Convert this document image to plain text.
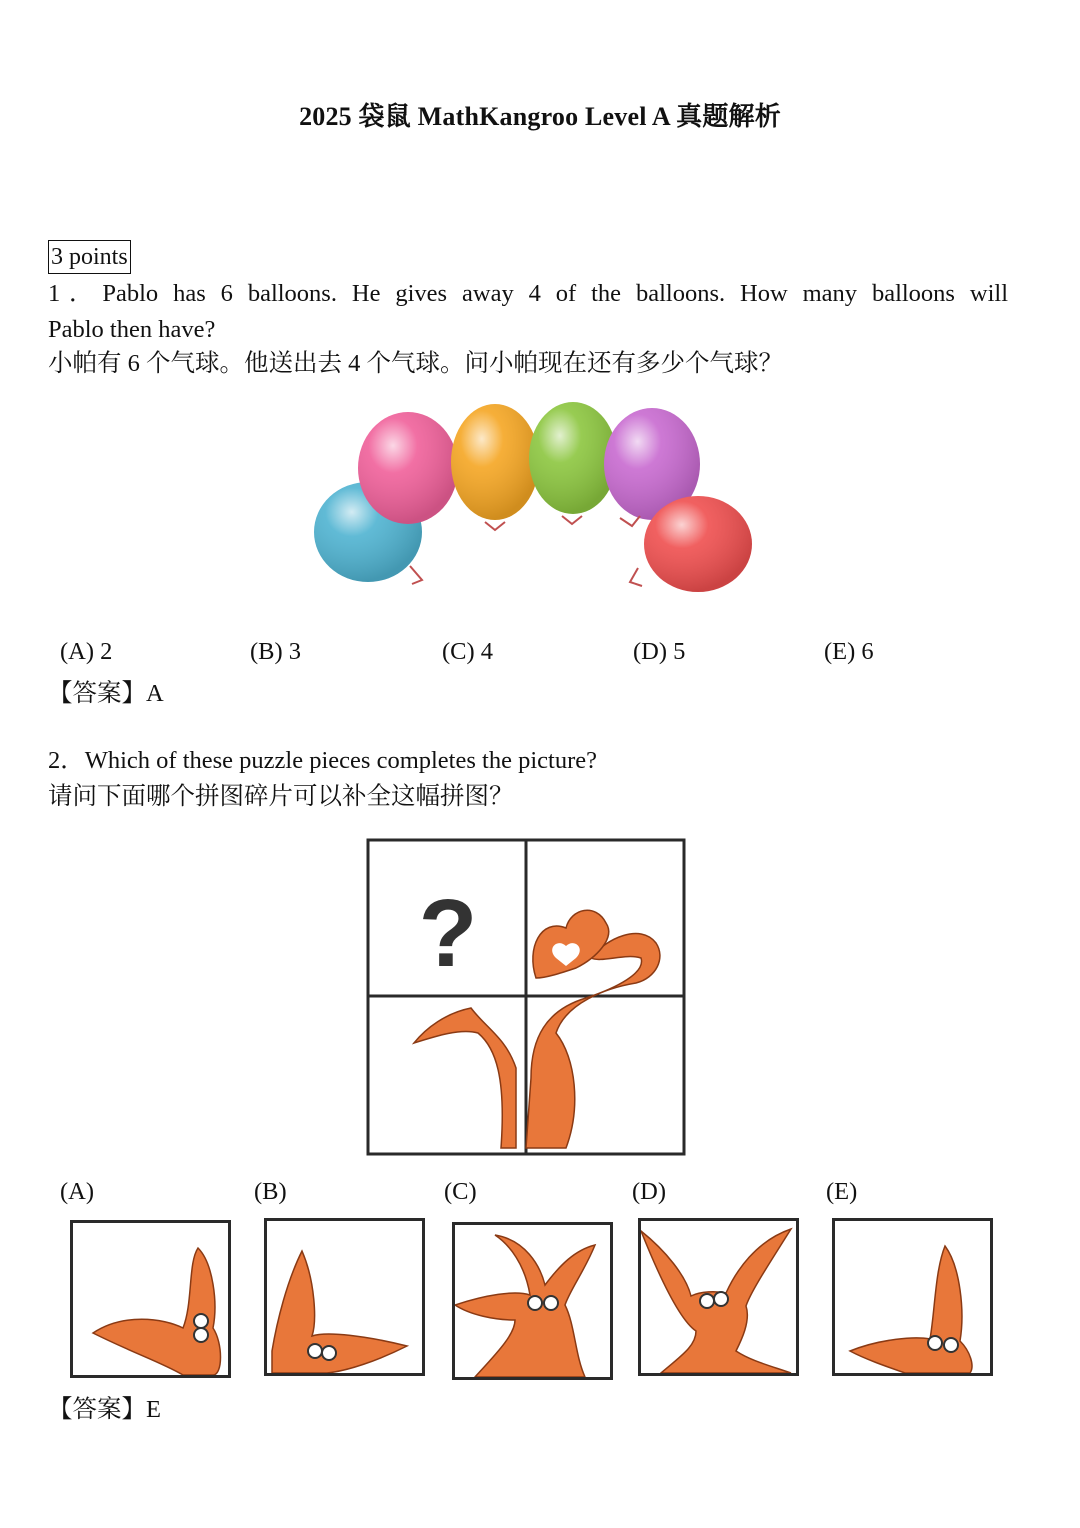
2025 袋鼠 MathKangroo Level A 真题解析
3 points
1．Pablo has 6 balloons. He gives away 4 of the balloons. How many balloons will
Pablo then have?
小帕有 6 个气球。他送出去 4 个气球。问小帕现在还有多少个气球？
(A) 2	(B) 3	(C) 4	(D) 5	(E) 6
【答案】A
2．Which of these puzzle pieces completes the picture?
请问下面哪个拼图碎片可以补全这幅拼图？
?
(A)	(B)	(C)	(D)	(E)
【答案】E
